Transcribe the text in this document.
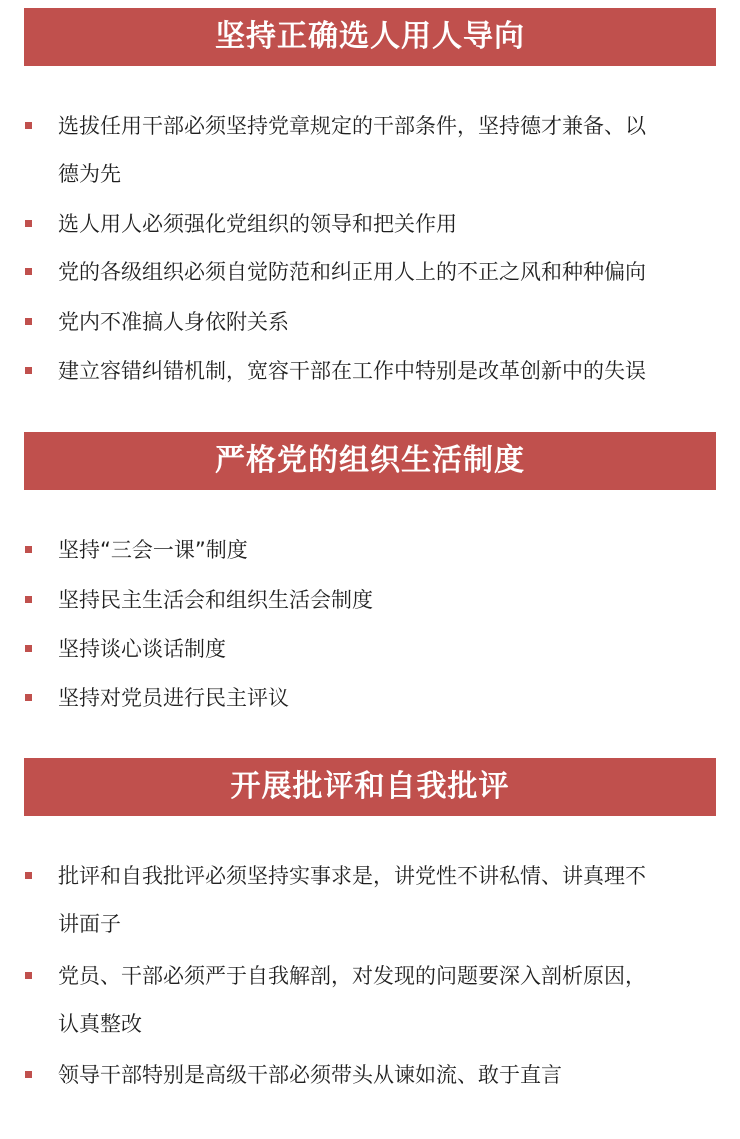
坚持正确选人用人导向
选拔任用干部必须坚持党章规定的干部条件，坚持德才兼备、以
德为先
选人用人必须强化党组织的领导和把关作用
党的各级组织必须自觉防范和纠正用人上的不正之风和种种偏向
党内不准搞人身依附关系
建立容错纠错机制，宽容干部在工作中特别是改革创新中的失误
严格党的组织生活制度
坚持“三会一课”制度
坚持民主生活会和组织生活会制度
坚持谈心谈话制度
坚持对党员进行民主评议
开展批评和自我批评
批评和自我批评必须坚持实事求是，讲党性不讲私情、讲真理不
讲面子
党员、干部必须严于自我解剖，对发现的问题要深入剖析原因，
认真整改
领导干部特别是高级干部必须带头从谏如流、敢于直言
